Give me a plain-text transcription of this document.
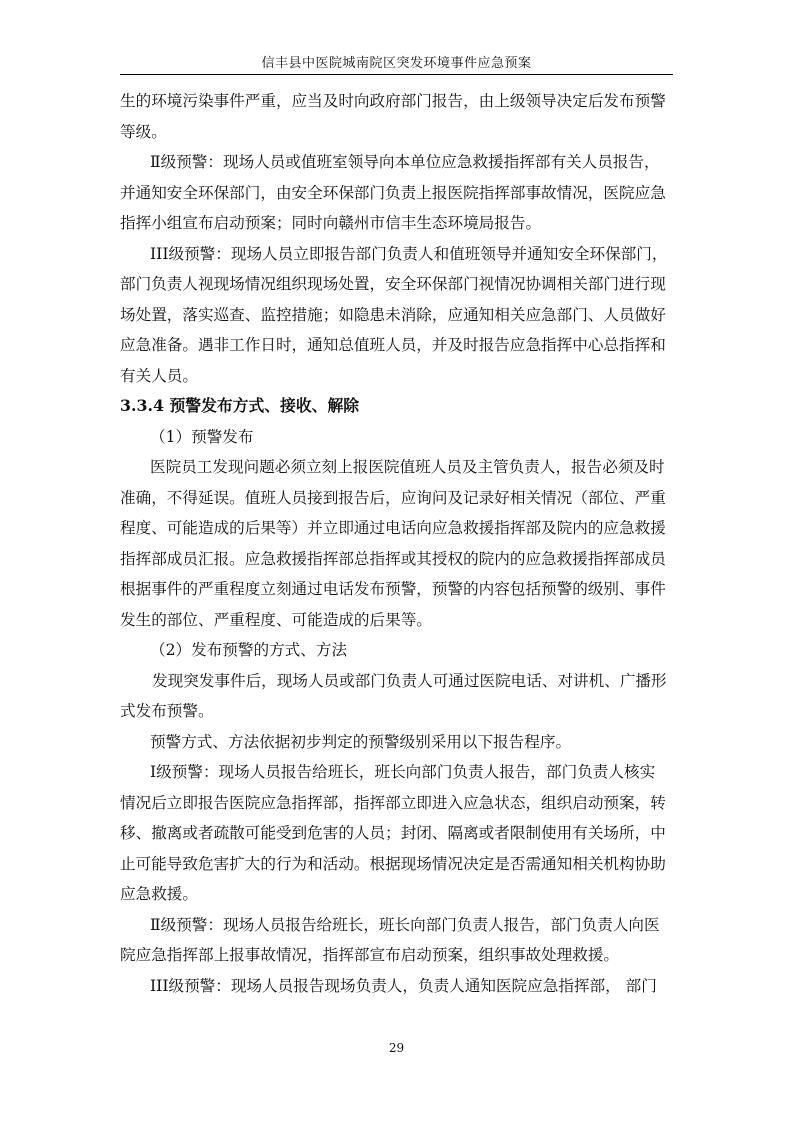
信丰县中医院城南院区突发环境事件应急预案
生的环境污染事件严重，应当及时向政府部门报告，由上级领导决定后发布预警
等级。
Ⅱ级预警：现场人员或值班室领导向本单位应急救援指挥部有关人员报告，
并通知安全环保部门，由安全环保部门负责上报医院指挥部事故情况，医院应急
指挥小组宣布启动预案；同时向赣州市信丰生态环境局报告。
III级预警：现场人员立即报告部门负责人和值班领导并通知安全环保部门，
部门负责人视现场情况组织现场处置，安全环保部门视情况协调相关部门进行现
场处置，落实巡查、监控措施；如隐患未消除，应通知相关应急部门、人员做好
应急准备。遇非工作日时，通知总值班人员，并及时报告应急指挥中心总指挥和
有关人员。
3.3.4 预警发布方式、接收、解除
（1）预警发布
医院员工发现问题必须立刻上报医院值班人员及主管负责人，报告必须及时
准确，不得延误。值班人员接到报告后，应询问及记录好相关情况（部位、严重
程度、可能造成的后果等）并立即通过电话向应急救援指挥部及院内的应急救援
指挥部成员汇报。应急救援指挥部总指挥或其授权的院内的应急救援指挥部成员
根据事件的严重程度立刻通过电话发布预警，预警的内容包括预警的级别、事件
发生的部位、严重程度、可能造成的后果等。
（2）发布预警的方式、方法
发现突发事件后，现场人员或部门负责人可通过医院电话、对讲机、广播形
式发布预警。
预警方式、方法依据初步判定的预警级别采用以下报告程序。
I级预警：现场人员报告给班长，班长向部门负责人报告，部门负责人核实
情况后立即报告医院应急指挥部，指挥部立即进入应急状态，组织启动预案，转
移、撤离或者疏散可能受到危害的人员；封闭、隔离或者限制使用有关场所，中
止可能导致危害扩大的行为和活动。根据现场情况决定是否需通知相关机构协助
应急救援。
Ⅱ级预警：现场人员报告给班长，班长向部门负责人报告，部门负责人向医
院应急指挥部上报事故情况，指挥部宣布启动预案，组织事故处理救援。
III级预警：现场人员报告现场负责人，负责人通知医院应急指挥部， 部门
29
